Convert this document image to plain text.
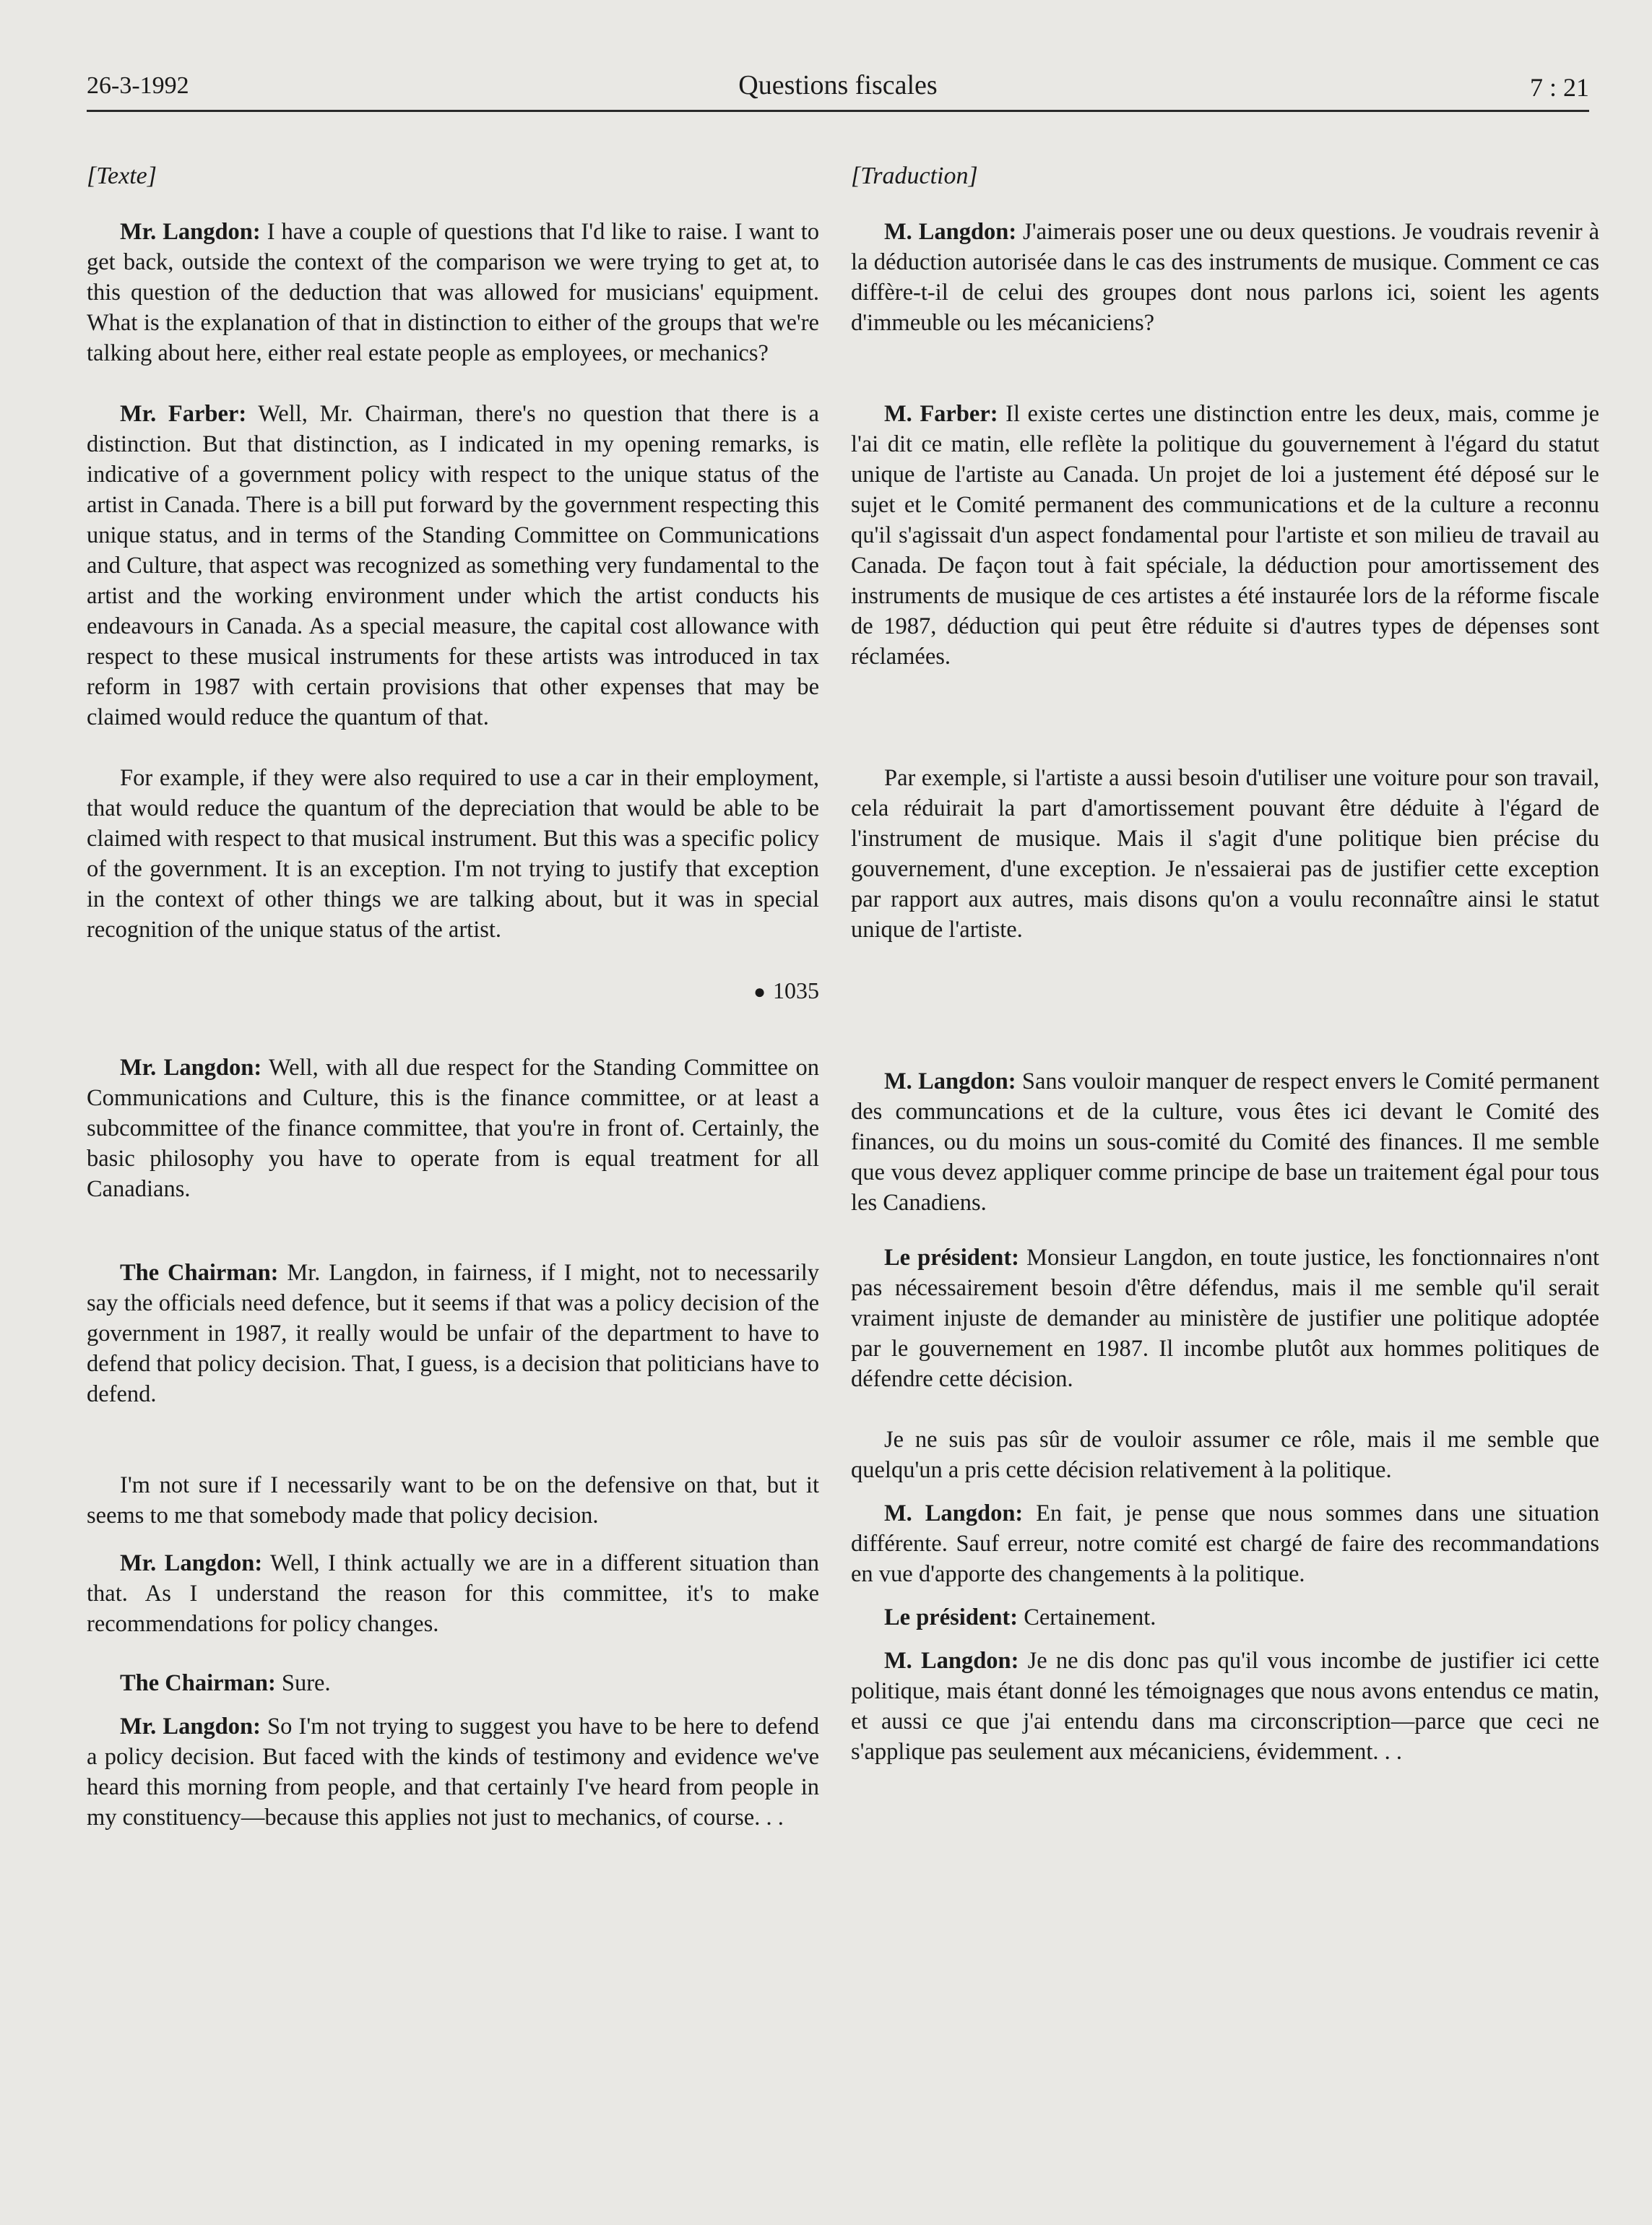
26-3-1992	Questions fiscales	7 : 21
[Texte]

Mr. Langdon: I have a couple of questions that I'd like to raise. I want to get back, outside the context of the comparison we were trying to get at, to this question of the deduction that was allowed for musicians' equipment. What is the explanation of that in distinction to either of the groups that we're talking about here, either real estate people as employees, or mechanics?

Mr. Farber: Well, Mr. Chairman, there's no question that there is a distinction. But that distinction, as I indicated in my opening remarks, is indicative of a government policy with respect to the unique status of the artist in Canada. There is a bill put forward by the government respecting this unique status, and in terms of the Standing Committee on Communications and Culture, that aspect was recognized as something very fundamental to the artist and the working environment under which the artist conducts his endeavours in Canada. As a special measure, the capital cost allowance with respect to these musical instruments for these artists was introduced in tax reform in 1987 with certain provisions that other expenses that may be claimed would reduce the quantum of that.

For example, if they were also required to use a car in their employment, that would reduce the quantum of the depreciation that would be able to be claimed with respect to that musical instrument. But this was a specific policy of the government. It is an exception. I'm not trying to justify that exception in the context of other things we are talking about, but it was in special recognition of the unique status of the artist.

● 1035

Mr. Langdon: Well, with all due respect for the Standing Committee on Communications and Culture, this is the finance committee, or at least a subcommittee of the finance committee, that you're in front of. Certainly, the basic philosophy you have to operate from is equal treatment for all Canadians.

The Chairman: Mr. Langdon, in fairness, if I might, not to necessarily say the officials need defence, but it seems if that was a policy decision of the government in 1987, it really would be unfair of the department to have to defend that policy decision. That, I guess, is a decision that politicians have to defend.

I'm not sure if I necessarily want to be on the defensive on that, but it seems to me that somebody made that policy decision.

Mr. Langdon: Well, I think actually we are in a different situation than that. As I understand the reason for this committee, it's to make recommendations for policy changes.

The Chairman: Sure.

Mr. Langdon: So I'm not trying to suggest you have to be here to defend a policy decision. But faced with the kinds of testimony and evidence we've heard this morning from people, and that certainly I've heard from people in my constituency—because this applies not just to mechanics, of course. . .

[Traduction]

M. Langdon: J'aimerais poser une ou deux questions. Je voudrais revenir à la déduction autorisée dans le cas des instruments de musique. Comment ce cas diffère-t-il de celui des groupes dont nous parlons ici, soient les agents d'immeuble ou les mécaniciens?

M. Farber: Il existe certes une distinction entre les deux, mais, comme je l'ai dit ce matin, elle reflète la politique du gouvernement à l'égard du statut unique de l'artiste au Canada. Un projet de loi a justement été déposé sur le sujet et le Comité permanent des communications et de la culture a reconnu qu'il s'agissait d'un aspect fondamental pour l'artiste et son milieu de travail au Canada. De façon tout à fait spéciale, la déduction pour amortissement des instruments de musique de ces artistes a été instaurée lors de la réforme fiscale de 1987, déduction qui peut être réduite si d'autres types de dépenses sont réclamées.

Par exemple, si l'artiste a aussi besoin d'utiliser une voiture pour son travail, cela réduirait la part d'amortissement pouvant être déduite à l'égard de l'instrument de musique. Mais il s'agit d'une politique bien précise du gouvernement, d'une exception. Je n'essaierai pas de justifier cette exception par rapport aux autres, mais disons qu'on a voulu reconnaître ainsi le statut unique de l'artiste.

M. Langdon: Sans vouloir manquer de respect envers le Comité permanent des communcations et de la culture, vous êtes ici devant le Comité des finances, ou du moins un sous-comité du Comité des finances. Il me semble que vous devez appliquer comme principe de base un traitement égal pour tous les Canadiens.

Le président: Monsieur Langdon, en toute justice, les fonctionnaires n'ont pas nécessairement besoin d'être défendus, mais il me semble qu'il serait vraiment injuste de demander au ministère de justifier une politique adoptée par le gouvernement en 1987. Il incombe plutôt aux hommes politiques de défendre cette décision.

Je ne suis pas sûr de vouloir assumer ce rôle, mais il me semble que quelqu'un a pris cette décision relativement à la politique.

M. Langdon: En fait, je pense que nous sommes dans une situation différente. Sauf erreur, notre comité est chargé de faire des recommandations en vue d'apporte des changements à la politique.

Le président: Certainement.

M. Langdon: Je ne dis donc pas qu'il vous incombe de justifier ici cette politique, mais étant donné les témoignages que nous avons entendus ce matin, et aussi ce que j'ai entendu dans ma circonscription—parce que ceci ne s'applique pas seulement aux mécaniciens, évidemment. . .
